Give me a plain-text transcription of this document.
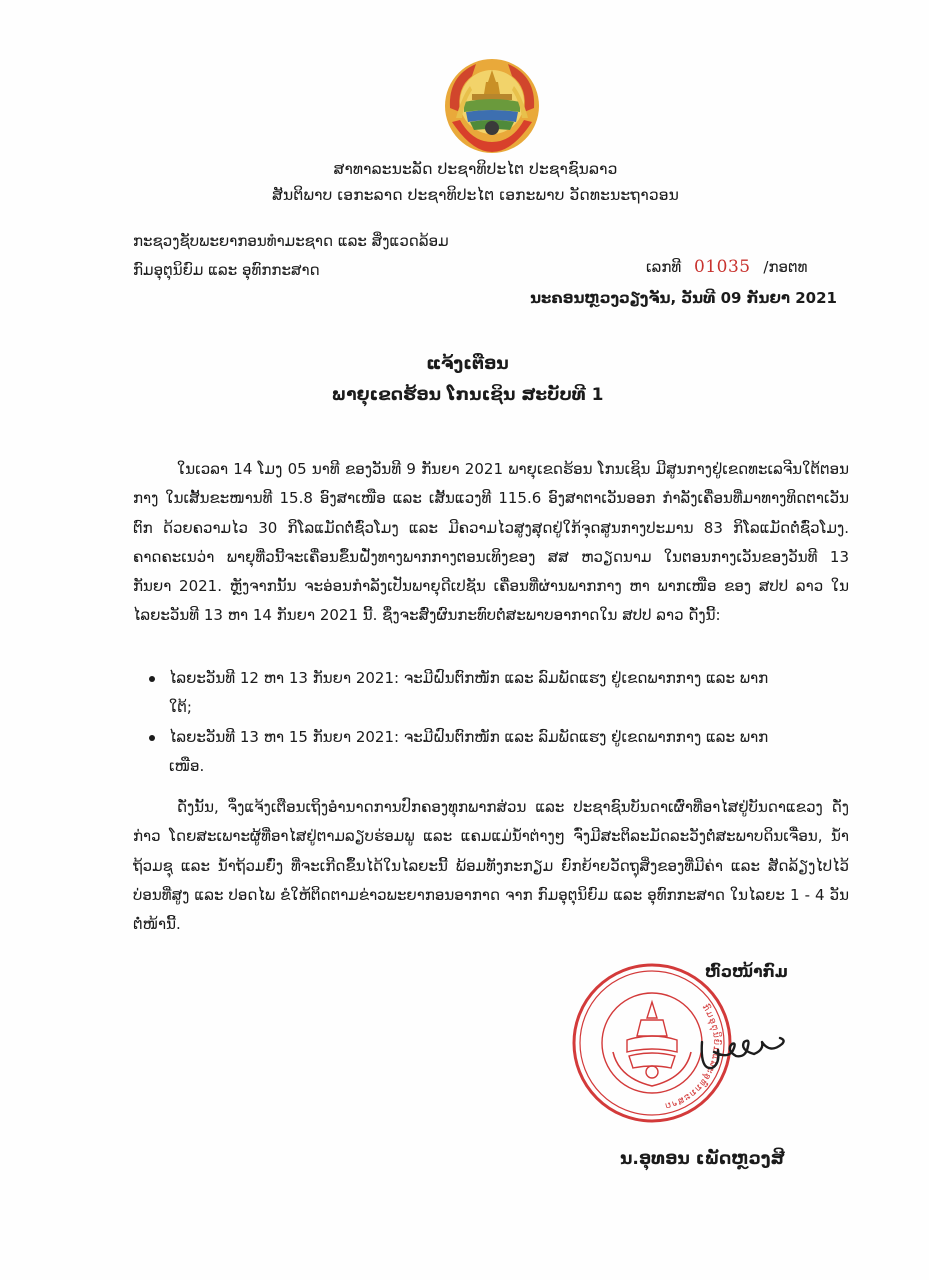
ສາທາລະນະລັດ ປະຊາທິປະໄຕ ປະຊາຊົນລາວ
ສັນຕິພາບ ເອກະລາດ ປະຊາທິປະໄຕ ເອກະພາບ ວັດທະນະຖາວອນ
ກະຊວງຊັບພະຍາກອນທຳມະຊາດ ແລະ ສິ່ງແວດລ້ອມ
ກົມອຸຕຸນິຍົມ ແລະ ອຸທົກກະສາດ	ເລກທີ 01035 /ກອຕທ
ນະຄອນຫຼວງວຽງຈັນ, ວັນທີ 09 ກັນຍາ 2021
ແຈ້ງເຕືອນ
ພາຍຸເຂດຮ້ອນ ໂກນເຊິນ ສະບັບທີ 1
ໃນເວລາ 14 ໂມງ 05 ນາທີ ຂອງວັນທີ 9 ກັນຍາ 2021 ພາຍຸເຂດຮ້ອນ ໂກນເຊິນ ມີສູນກາງຢູ່ເຂດທະເລຈີນໃຕ້ຕອນກາງ ໃນເສັ້ນຂະໜານທີ 15.8 ອົງສາເໜືອ ແລະ ເສັ້ນແວງທີ 115.6 ອົງສາຕາເວັນອອກ ກຳລັງເຄື່ອນທີ່ມາທາງທິດຕາເວັນຕົກ ດ້ວຍຄວາມໄວ 30 ກິໂລແມັດຕໍ່ຊົ່ວໂມງ ແລະ ມີຄວາມໄວສູງສຸດຢູ່ໃກ້ຈຸດສູນກາງປະມານ 83 ກິໂລແມັດຕໍ່ຊົ່ວໂມງ. ຄາດຄະເນວ່າ ພາຍຸທີ່ວນີ້ຈະເຄື່ອນຂຶ້ນຝັ່ງທາງພາກກາງຕອນເທິງຂອງ ສສ ຫວຽດນາມ ໃນຕອນກາງເວັນຂອງວັນທີ 13 ກັນຍາ 2021. ຫຼັງຈາກນັ້ນ ຈະອ່ອນກຳລັງເປັນພາຍຸດີເປຊັນ ເຄື່ອນທີ່ຜ່ານພາກກາງ ຫາ ພາກເໜືອ ຂອງ ສປປ ລາວ ໃນໄລຍະວັນທີ 13 ຫາ 14 ກັນຍາ 2021 ນີ້. ຊຶ່ງຈະສົ່ງຜົນກະທົບຕໍ່ສະພາບອາກາດໃນ ສປປ ລາວ ດັ່ງນີ້:
ໄລຍະວັນທີ 12 ຫາ 13 ກັນຍາ 2021: ຈະມີຝົນຕົກໜັກ ແລະ ລົມພັດແຮງ ຢູ່ເຂດພາກກາງ ແລະ ພາກໃຕ້;
ໄລຍະວັນທີ 13 ຫາ 15 ກັນຍາ 2021: ຈະມີຝົນຕົກໜັກ ແລະ ລົມພັດແຮງ ຢູ່ເຂດພາກກາງ ແລະ ພາກເໜືອ.
ດັ່ງນັ້ນ, ຈຶ່ງແຈ້ງເຕືອນເຖິງອຳນາດການປົກຄອງທຸກພາກສ່ວນ ແລະ ປະຊາຊົນບັນດາເຜົ່າທີ່ອາໄສຢູ່ບັນດາແຂວງ ດັ່ງກ່າວ ໂດຍສະເພາະຜູ້ທີ່ອາໄສຢູ່ຕາມລຽບຮ່ອມພູ ແລະ ແຄມແມ່ນ້ຳຕ່າງໆ ຈົ່ງມີສະຕິລະມັດລະວັງຕໍ່ສະພາບດິນເຈື່ອນ, ນ້ຳຖ້ວມຊຸ ແລະ ນ້ຳຖ້ວມຍົ່ງ ທີ່ຈະເກີດຂຶ້ນໄດ້ໃນໄລຍະນີ້ ພ້ອມທັງກະກຽມ ຍົກຍ້າຍວັດຖຸສິ່ງຂອງທີ່ມີຄ່າ ແລະ ສັດລ້ຽງໄປໄວ້ບ່ອນທີ່ສູງ ແລະ ປອດໄພ ຂໍໃຫ້ຕິດຕາມຂ່າວພະຍາກອນອາກາດ ຈາກ ກົມອຸຕຸນິຍົມ ແລະ ອຸທົກກະສາດ ໃນໄລຍະ 1 - 4 ວັນຕໍ່ໜ້ານີ້.
ກົມອຸຕຸນິຍົມແລະອຸທົກກະສາດ
ຫົວໜ້າກົມ
ນ.ອຸທອນ ເພັດຫຼວງສີ
